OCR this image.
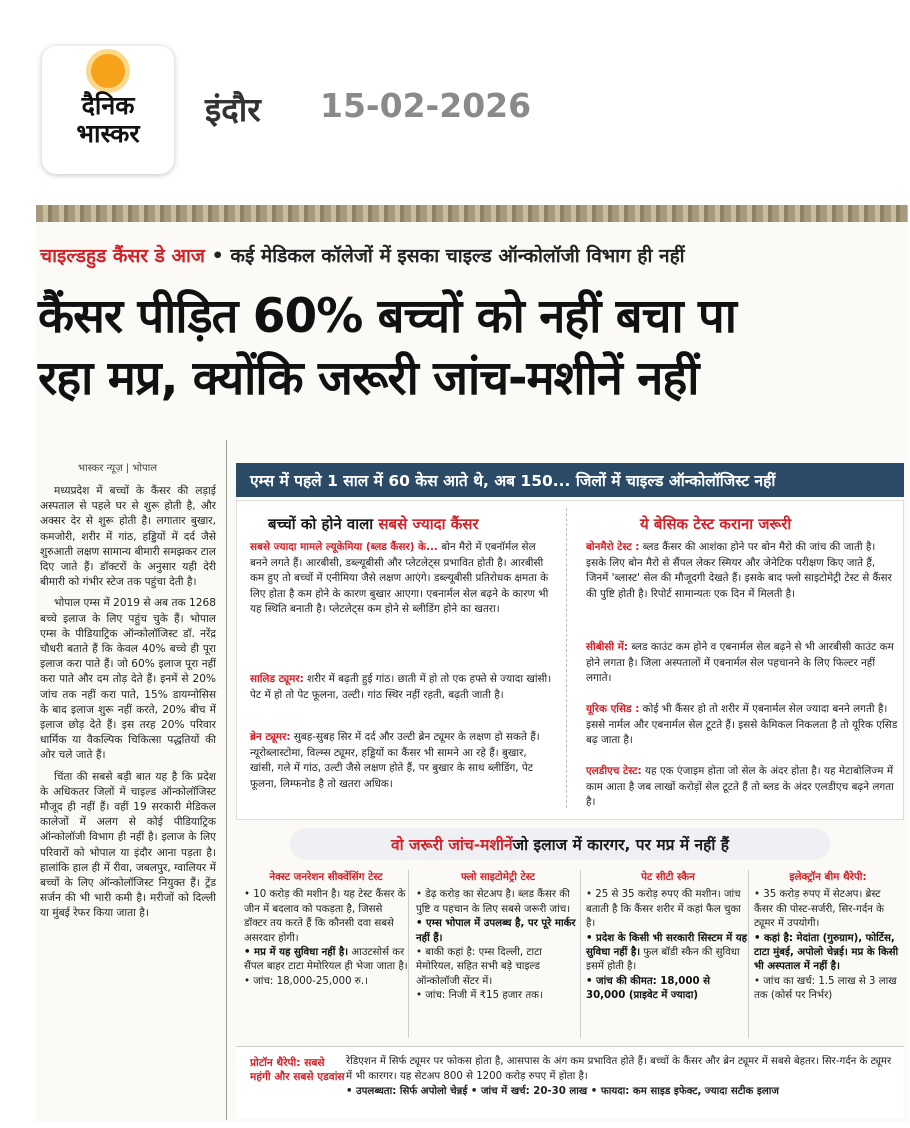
दैनिक
भास्कर
इंदौर 15-02-2026
चाइल्डहुड कैंसर डे आज • कई मेडिकल कॉलेजों में इसका चाइल्ड ऑन्कोलॉजी विभाग ही नहीं
कैंसर पीड़ित 60% बच्चों को नहीं बचा पा
रहा मप्र, क्योंकि जरूरी जांच-मशीनें नहीं
भास्कर न्यूज़ | भोपाल

मध्यप्रदेश में बच्चों के कैंसर की लड़ाई अस्पताल से पहले घर से शुरू होती है, और अक्सर देर से शुरू होती है। लगातार बुखार, कमजोरी, शरीर में गांठ, हड्डियों में दर्द जैसे शुरुआती लक्षण सामान्य बीमारी समझकर टाल दिए जाते हैं। डॉक्टरों के अनुसार यही देरी बीमारी को गंभीर स्टेज तक पहुंचा देती है।

भोपाल एम्स में 2019 से अब तक 1268 बच्चे इलाज के लिए पहुंच चुके हैं। भोपाल एम्स के पीडियाट्रिक ऑन्कोलॉजिस्ट डॉ. नरेंद्र चौधरी बताते हैं कि केवल 40% बच्चे ही पूरा इलाज करा पाते हैं। जो 60% इलाज पूरा नहीं करा पाते और दम तोड़ देते हैं। इनमें से 20% जांच तक नहीं करा पाते, 15% डायग्नोसिस के बाद इलाज शुरू नहीं करते, 20% बीच में इलाज छोड़ देते हैं। इस तरह 20% परिवार धार्मिक या वैकल्पिक चिकित्सा पद्धतियों की ओर चले जाते हैं।

चिंता की सबसे बड़ी बात यह है कि प्रदेश के अधिकतर जिलों में चाइल्ड ऑन्कोलॉजिस्ट मौजूद ही नहीं हैं। वहीं 19 सरकारी मेडिकल कालेजों में अलग से कोई पीडियाट्रिक ऑन्कोलॉजी विभाग ही नहीं है। इलाज के लिए परिवारों को भोपाल या इंदौर आना पड़ता है। हालांकि हाल ही में रीवा, जबलपुर, ग्वालियर में बच्चों के लिए ऑन्कोलॉजिस्ट नियुक्त हैं। ट्रेंड सर्जन की भी भारी कमी है। मरीजों को दिल्ली या मुंबई रेफर किया जाता है।

एम्स में पहले 1 साल में 60 केस आते थे, अब 150... जिलों में चाइल्ड ऑन्कोलॉजिस्ट नहीं
बच्चों को होने वाला सबसे ज्यादा कैंसर	ये बेसिक टेस्ट कराना जरूरी
सबसे ज्यादा मामले ल्यूकेमिया (ब्लड कैंसर) के... बोन मैरो में एबनॉर्मल सेल बनने लगते हैं। आरबीसी, डब्ल्यूबीसी और प्लेटलेट्स प्रभावित होती है। आरबीसी कम हुए तो बच्चों में एनीमिया जैसे लक्षण आएंगे। डब्ल्यूबीसी प्रतिरोधक क्षमता के लिए होता है कम होने के कारण बुखार आएगा। एबनार्मल सेल बढ़ने के कारण भी यह स्थिति बनाती है। प्लेटलेट्स कम होने से ब्लीडिंग होने का खतरा।
सालिड ट्यूमर: शरीर में बढ़ती हुई गांठ। छाती में हो तो एक हफ्ते से ज्यादा खांसी। पेट में हो तो पेट फूलना, उल्टी। गांठ स्थिर नहीं रहती, बढ़ती जाती है।
ब्रेन ट्यूमर: सुबह-सुबह सिर में दर्द और उल्टी ब्रेन ट्यूमर के लक्षण हो सकते हैं। न्यूरोब्लास्टोमा, विल्म्स ट्यूमर, हड्डियों का कैंसर भी सामने आ रहे हैं। बुखार, खांसी, गले में गांठ, उल्टी जैसे लक्षण होते हैं, पर बुखार के साथ ब्लीडिंग, पेट फूलना, लिम्फनोड है तो खतरा अधिक।
बोनमैरो टेस्ट : ब्लड कैंसर की आशंका होने पर बोन मैरो की जांच की जाती है। इसके लिए बोन मैरो से सैंपल लेकर स्मियर और जेनेटिक परीक्षण किए जाते हैं, जिनमें 'ब्लास्ट' सेल की मौजूदगी देखते हैं। इसके बाद फ्लो साइटोमेट्री टेस्ट से कैंसर की पुष्टि होती है। रिपोर्ट सामान्यतः एक दिन में मिलती है।
सीबीसी में: ब्लड काउंट कम होने व एबनार्मल सेल बढ़ने से भी आरबीसी काउंट कम होने लगता है। जिला अस्पतालों में एबनार्मल सेल पहचानने के लिए फिल्टर नहीं लगाते।
यूरिक एसिड : कोई भी कैंसर हो तो शरीर में एबनार्मल सेल ज्यादा बनने लगती है। इससे नार्मल और एबनार्मल सेल टूटते हैं। इससे केमिकल निकलता है तो यूरिक एसिड बढ़ जाता है।
एलडीएच टेस्ट: यह एक एंजाइम होता जो सेल के अंदर होता है। यह मेटाबोलिज्म में काम आता है जब लाखों करोड़ों सेल टूटते हैं तो ब्लड के अंदर एलडीएच बढ़ने लगता है।
वो जरूरी जांच-मशीनें जो इलाज में कारगर, पर मप्र में नहीं हैं
नेक्स्ट जनरेशन सीक्वेंसिंग टेस्ट
• 10 करोड़ की मशीन है। यह टेस्ट कैंसर के जीन में बदलाव को पकड़ता है, जिससे डॉक्टर तय करते हैं कि कौनसी दवा सबसे असरदार होगी।
• मप्र में यह सुविधा नहीं है। आउटसोर्स कर सैंपल बाहर टाटा मेमोरियल ही भेजा जाता है।
• जांच: 18,000-25,000 रु.।
फ्लो साइटोमेट्री टेस्ट
• डेढ़ करोड़ का सेटअप है। ब्लड कैंसर की पुष्टि व पहचान के लिए सबसे जरूरी जांच।
• एम्स भोपाल में उपलब्ध है, पर पूरे मार्कर नहीं हैं।
• बाकी कहां है: एम्स दिल्ली, टाटा मेमोरियल, सहित सभी बड़े चाइल्ड ऑन्कोलॉजी सेंटर में।
• जांच: निजी में ₹15 हजार तक।
पेट सीटी स्कैन
• 25 से 35 करोड़ रुपए की मशीन। जांच बताती है कि कैंसर शरीर में कहां फैल चुका है।
• प्रदेश के किसी भी सरकारी सिस्टम में यह सुविधा नहीं है। फुल बॉडी स्कैन की सुविधा इसमें होती है।
• जांच की कीमत: 18,000 से 30,000 (प्राइवेट में ज्यादा)
इलेक्ट्रॉन बीम थैरेपी:
• 35 करोड़ रुपए में सेटअप। ब्रेस्ट कैंसर की पोस्ट-सर्जरी, सिर-गर्दन के ट्यूमर में उपयोगी।
• कहां है: मेदांता (गुरुग्राम), फोर्टिस, टाटा मुंबई, अपोलो चेन्नई। मप्र के किसी भी अस्पताल में नहीं है।
• जांच का खर्च: 1.5 लाख से 3 लाख तक (कोर्स पर निर्भर)
प्रोटॉन थैरेपी: सबसे महंगी और सबसे एडवांस
रेडिएशन में सिर्फ ट्यूमर पर फोकस होता है, आसपास के अंग कम प्रभावित होते हैं। बच्चों के कैंसर और ब्रेन ट्यूमर में सबसे बेहतर। सिर-गर्दन के ट्यूमर में भी कारगर। यह सेटअप 800 से 1200 करोड़ रुपए में होता है।
• उपलब्धता: सिर्फ अपोलो चेन्नई • जांच में खर्च: 20-30 लाख • फायदा: कम साइड इफेक्ट, ज्यादा सटीक इलाज
